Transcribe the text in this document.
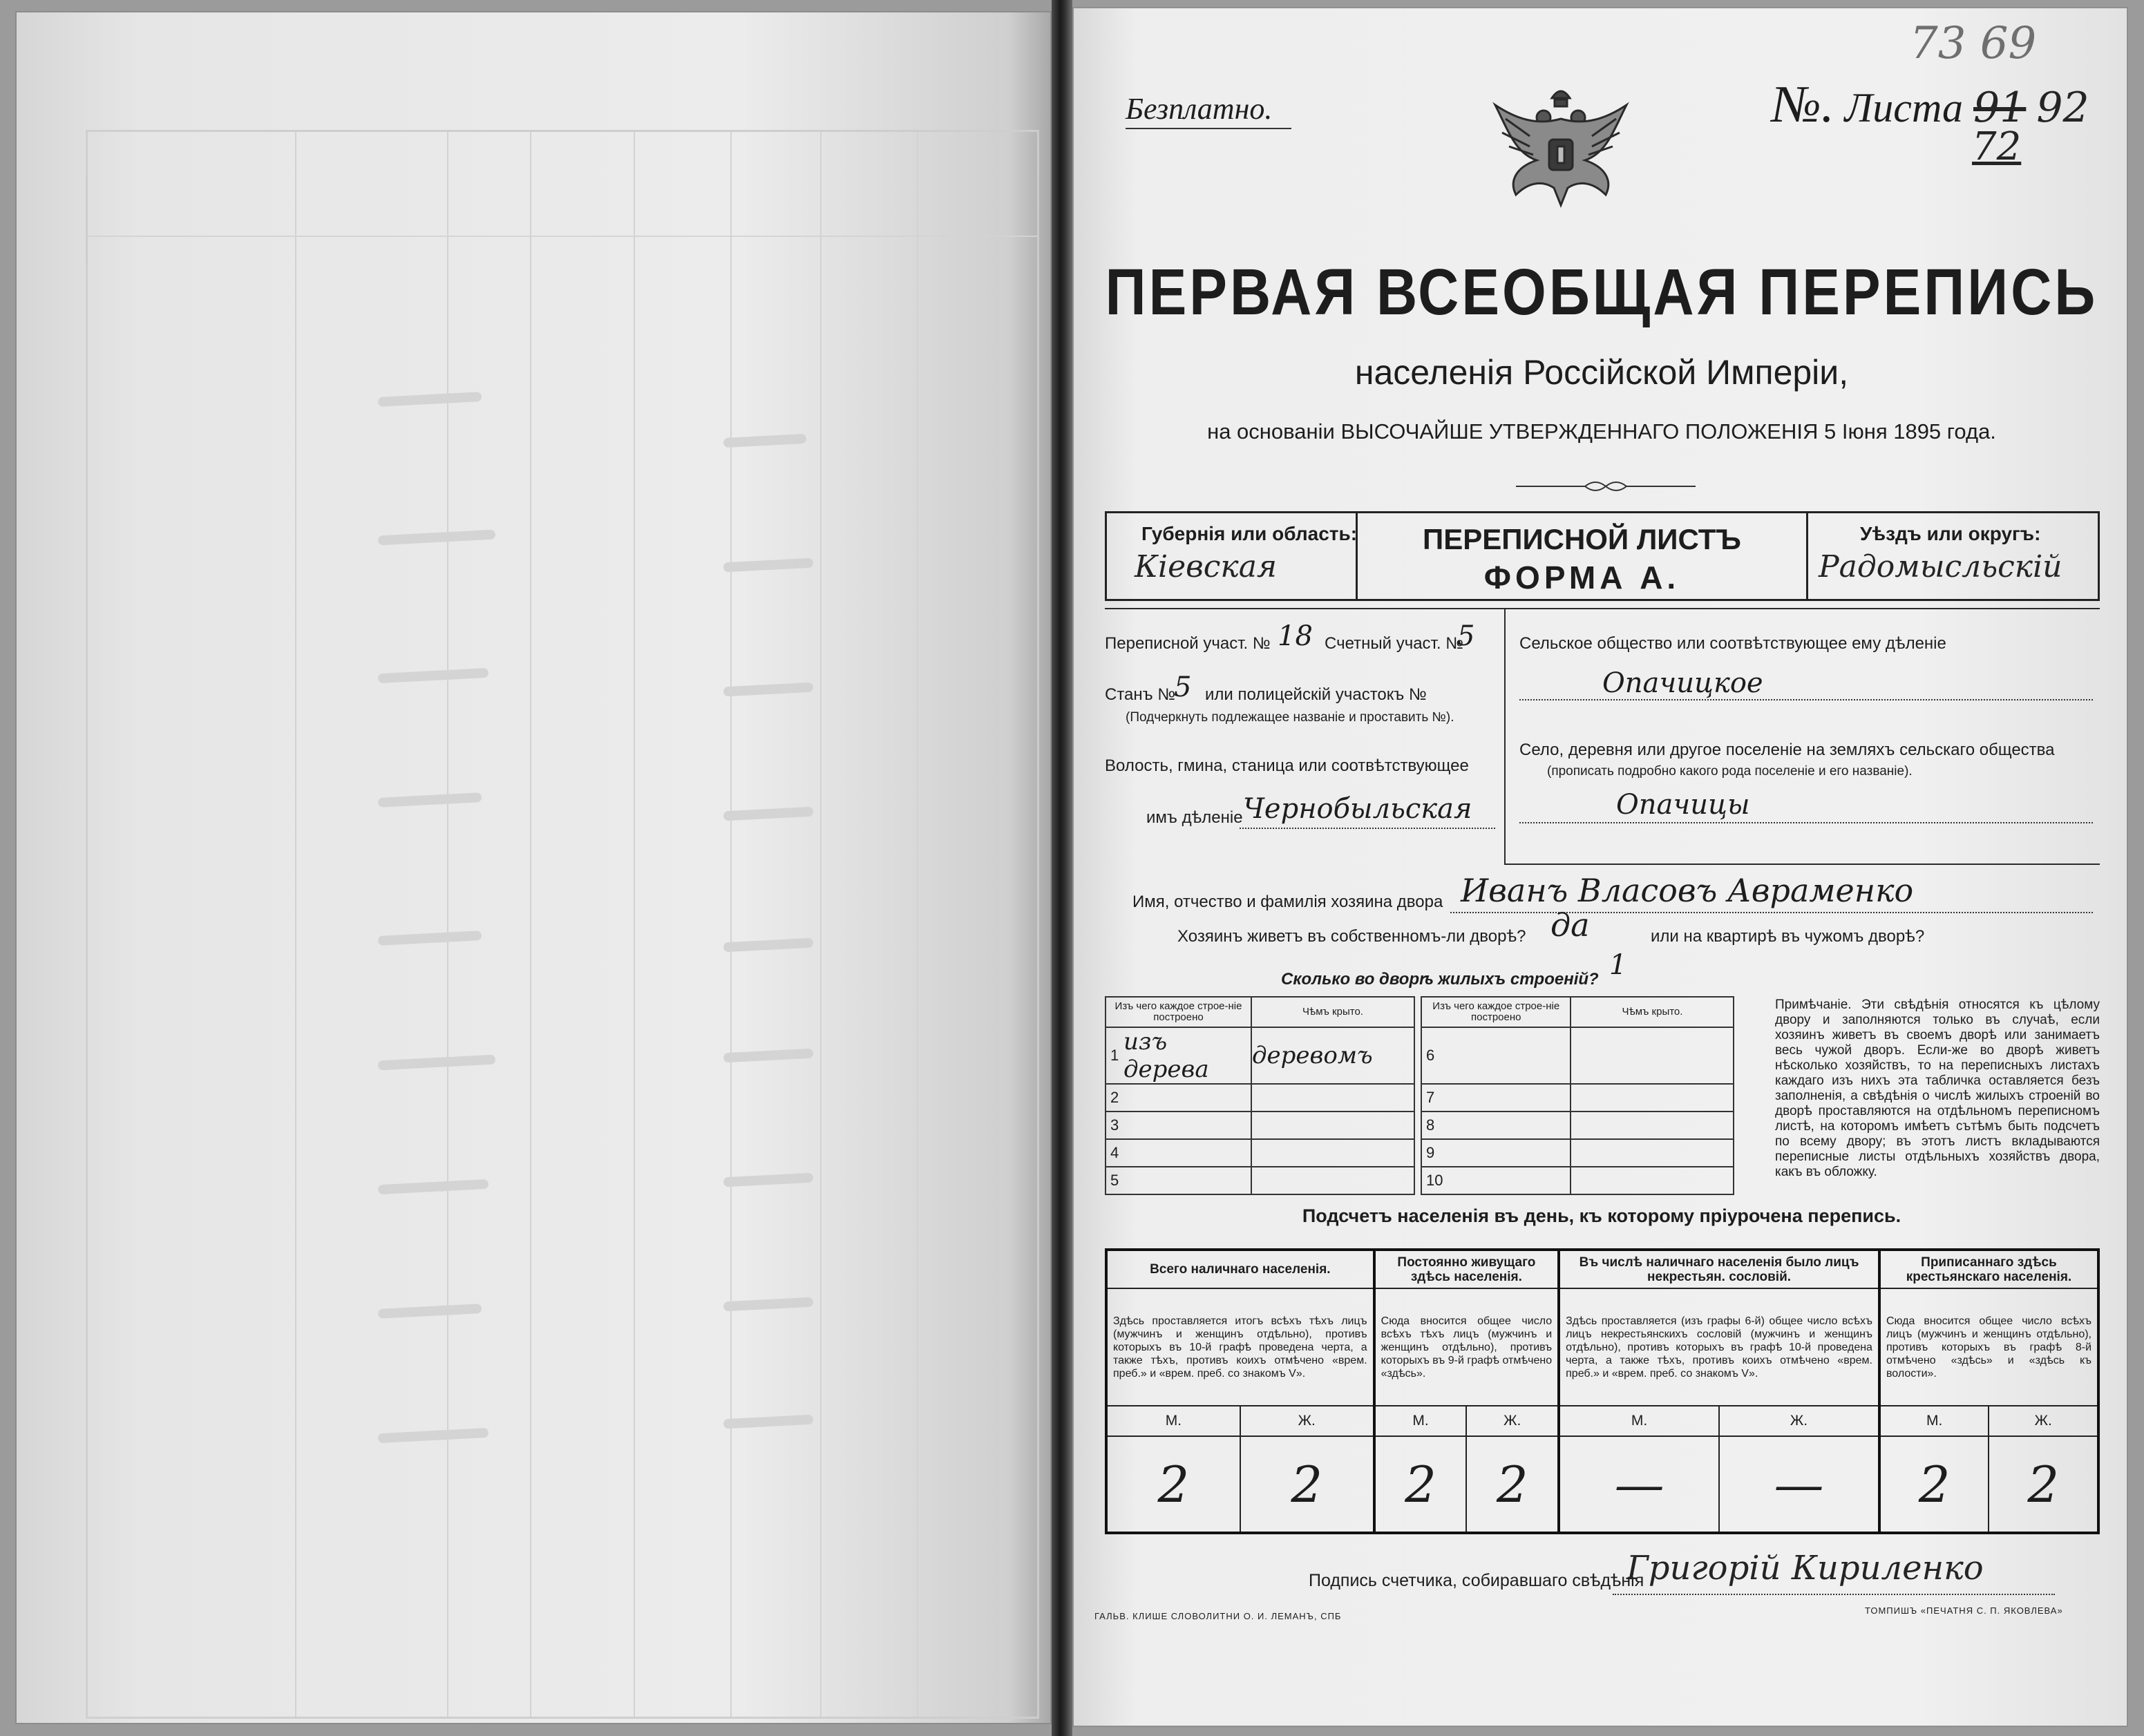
Безплатно.	№. Листа 91 92
72
73 69
ПЕРВАЯ ВСЕОБЩАЯ ПЕРЕПИСЬ
населенія Россійской Имперіи,
на основаніи ВЫСОЧАЙШЕ УТВЕРЖДЕННАГО ПОЛОЖЕНІЯ 5 Іюня 1895 года.
Губернія или область:
Кіевская
ПЕРЕПИСНОЙ ЛИСТЪ
ФОРМА А.
Уѣздъ или округъ:
Радомысльскій
Переписной участ. № 18 Счетный участ. №
5
Станъ №
5 или полицейскій участокъ №
(Подчеркнуть подлежащее названіе и проставить №).
Волость, гмина, станица или соотвѣтствующее
имъ дѣленіе Чернобыльская
Сельское общество или соотвѣтствующее ему дѣленіе
Опачицкое
Село, деревня или другое поселеніе на земляхъ сельскаго общества
(прописать подробно какого рода поселеніе и его названіе).
Опачицы
Имя, отчество и фамилія хозяина двора Иванъ Власовъ Авраменко
Хозяинъ живетъ въ собственномъ-ли дворѣ? да	или на квартирѣ въ чужомъ дворѣ?
Сколько во дворѣ жилыхъ строеній? 1
Изъ чего каждое строе-ніе построено		Чѣмъ крыто.		Изъ чего каждое строе-ніе построено		Чѣмъ крыто.
1	изъ дерева	деревомъ		6		
2				7		
3				8		
4				9		
5				10		
Примѣчаніе. Эти свѣдѣнія относятся къ цѣлому двору и заполняются только въ случаѣ, если хозяинъ живетъ въ своемъ дворѣ или занимаетъ весь чужой дворъ. Если-же во дворѣ живетъ нѣсколько хозяйствъ, то на переписныхъ листахъ каждаго изъ нихъ эта табличка оставляется безъ заполненія, а свѣдѣнія о числѣ жилыхъ строеній во дворѣ проставляются на отдѣльномъ переписномъ листѣ, на которомъ имѣетъ сътѣмъ быть подсчетъ по всему двору; въ этотъ листъ вкладываются переписные листы отдѣльныхъ хозяйствъ двора, какъ въ обложку.
Подсчетъ населенія въ день, къ которому пріурочена перепись.
Всего наличнаго населенія.		Постоянно живущаго здѣсь населенія.		Въ числѣ наличнаго населенія было лицъ некрестьян. сословій.		Приписаннаго здѣсь крестьянскаго населенія.	
Здѣсь проставляется итогъ всѣхъ тѣхъ лицъ (мужчинъ и женщинъ отдѣльно), противъ которыхъ въ 10-й графѣ проведена черта, а также тѣхъ, противъ коихъ отмѣчено «врем. преб.» и «врем. преб. со знакомъ V».		Сюда вносится общее число всѣхъ тѣхъ лицъ (мужчинъ и женщинъ отдѣльно), противъ которыхъ въ 9-й графѣ отмѣчено «здѣсь».		Здѣсь проставляется (изъ графы 6-й) общее число всѣхъ лицъ некрестьянскихъ сословій (мужчинъ и женщинъ отдѣльно), противъ которыхъ въ графѣ 10-й проведена черта, а также тѣхъ, противъ коихъ отмѣчено «врем. преб.» и «врем. преб. со знакомъ V».		Сюда вносится общее число всѣхъ лицъ (мужчинъ и женщинъ отдѣльно), противъ которыхъ въ графѣ 8-й отмѣчено «здѣсь» и «здѣсь къ волости».	
М.	Ж.	М.	Ж.	М.	Ж.	М.	Ж.
2	2	2	2	—	—	2	2
Подпись счетчика, собиравшаго свѣдѣнія
Григорій Кириленко
ГАЛЬВ. КЛИШЕ СЛОВОЛИТНИ О. И. ЛЕМАНЪ, СПБ
ТОМПИШЪ «ПЕЧАТНЯ С. П. ЯКОВЛЕВА»
